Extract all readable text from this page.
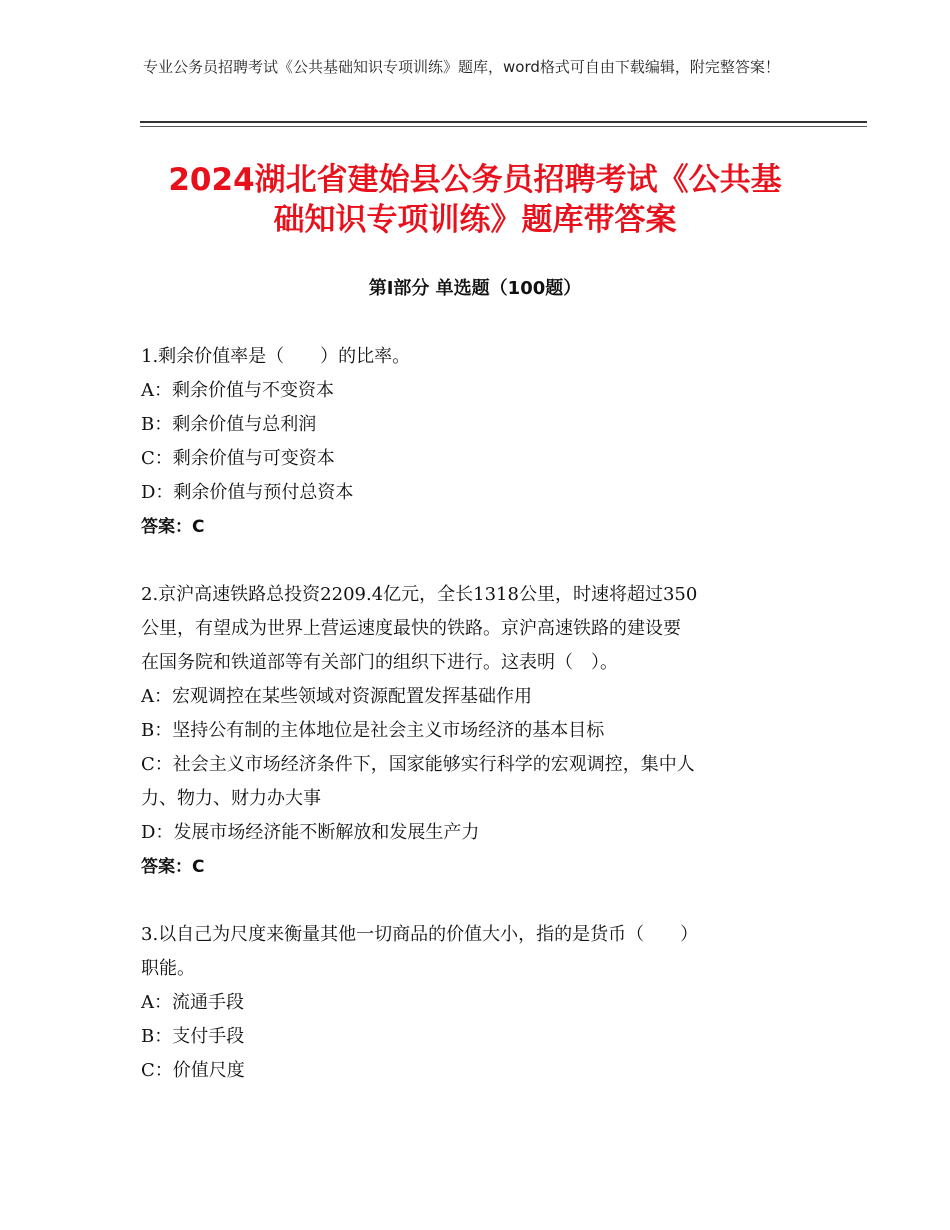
专业公务员招聘考试《公共基础知识专项训练》题库，word格式可自由下载编辑，附完整答案！
2024湖北省建始县公务员招聘考试《公共基
础知识专项训练》题库带答案
第Ⅰ部分 单选题（100题）
1.剩余价值率是（　　）的比率。
A：剩余价值与不变资本
B：剩余价值与总利润
C：剩余价值与可变资本
D：剩余价值与预付总资本
答案：C
2.京沪高速铁路总投资2209.4亿元，全长1318公里，时速将超过350
公里，有望成为世界上营运速度最快的铁路。京沪高速铁路的建设要
在国务院和铁道部等有关部门的组织下进行。这表明（　）。
A：宏观调控在某些领域对资源配置发挥基础作用
B：坚持公有制的主体地位是社会主义市场经济的基本目标
C：社会主义市场经济条件下，国家能够实行科学的宏观调控，集中人
力、物力、财力办大事
D：发展市场经济能不断解放和发展生产力
答案：C
3.以自己为尺度来衡量其他一切商品的价值大小，指的是货币（　　）
职能。
A：流通手段
B：支付手段
C：价值尺度
